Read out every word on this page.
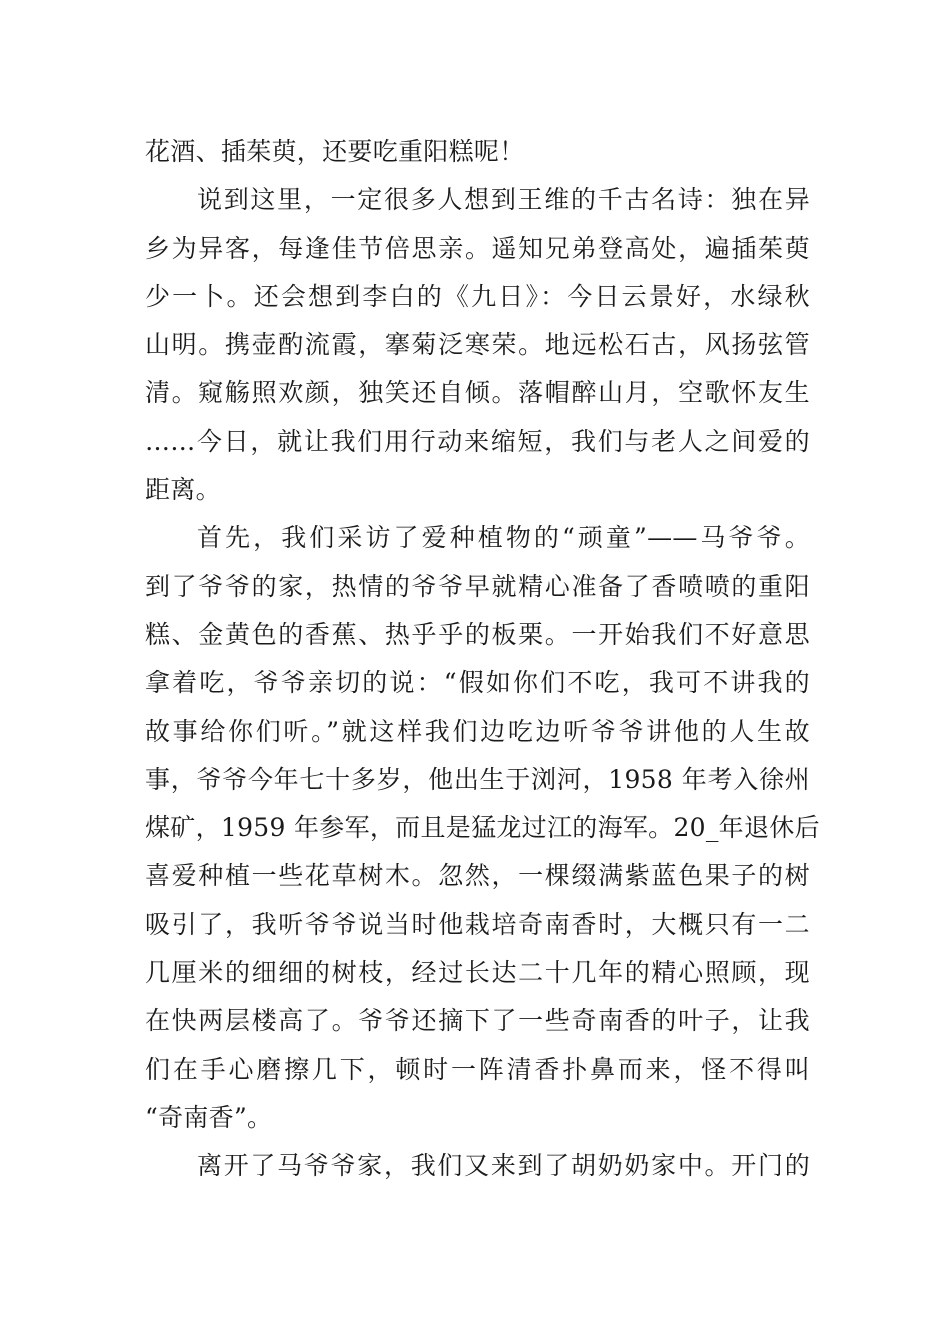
花酒、插茱萸，还要吃重阳糕呢！

说到这里，一定很多人想到王维的千古名诗：独在异
乡为异客，每逢佳节倍思亲。遥知兄弟登高处，遍插茱萸
少一卜。还会想到李白的《九日》：今日云景好，水绿秋
山明。携壶酌流霞，搴菊泛寒荣。地远松石古，风扬弦管
清。窥觞照欢颜，独笑还自倾。落帽醉山月，空歌怀友生
……今日，就让我们用行动来缩短，我们与老人之间爱的
距离。

首先，我们采访了爱种植物的“顽童”——马爷爷。
到了爷爷的家，热情的爷爷早就精心准备了香喷喷的重阳
糕、金黄色的香蕉、热乎乎的板栗。一开始我们不好意思
拿着吃，爷爷亲切的说：“假如你们不吃，我可不讲我的
故事给你们听。”就这样我们边吃边听爷爷讲他的人生故
事，爷爷今年七十多岁，他出生于浏河，1958 年考入徐州
煤矿，1959 年参军，而且是猛龙过江的海军。20_年退休后
喜爱种植一些花草树木。忽然，一棵缀满紫蓝色果子的树
吸引了，我听爷爷说当时他栽培奇南香时，大概只有一二
几厘米的细细的树枝，经过长达二十几年的精心照顾，现
在快两层楼高了。爷爷还摘下了一些奇南香的叶子，让我
们在手心磨擦几下，顿时一阵清香扑鼻而来，怪不得叫
“奇南香”。

离开了马爷爷家，我们又来到了胡奶奶家中。开门的
